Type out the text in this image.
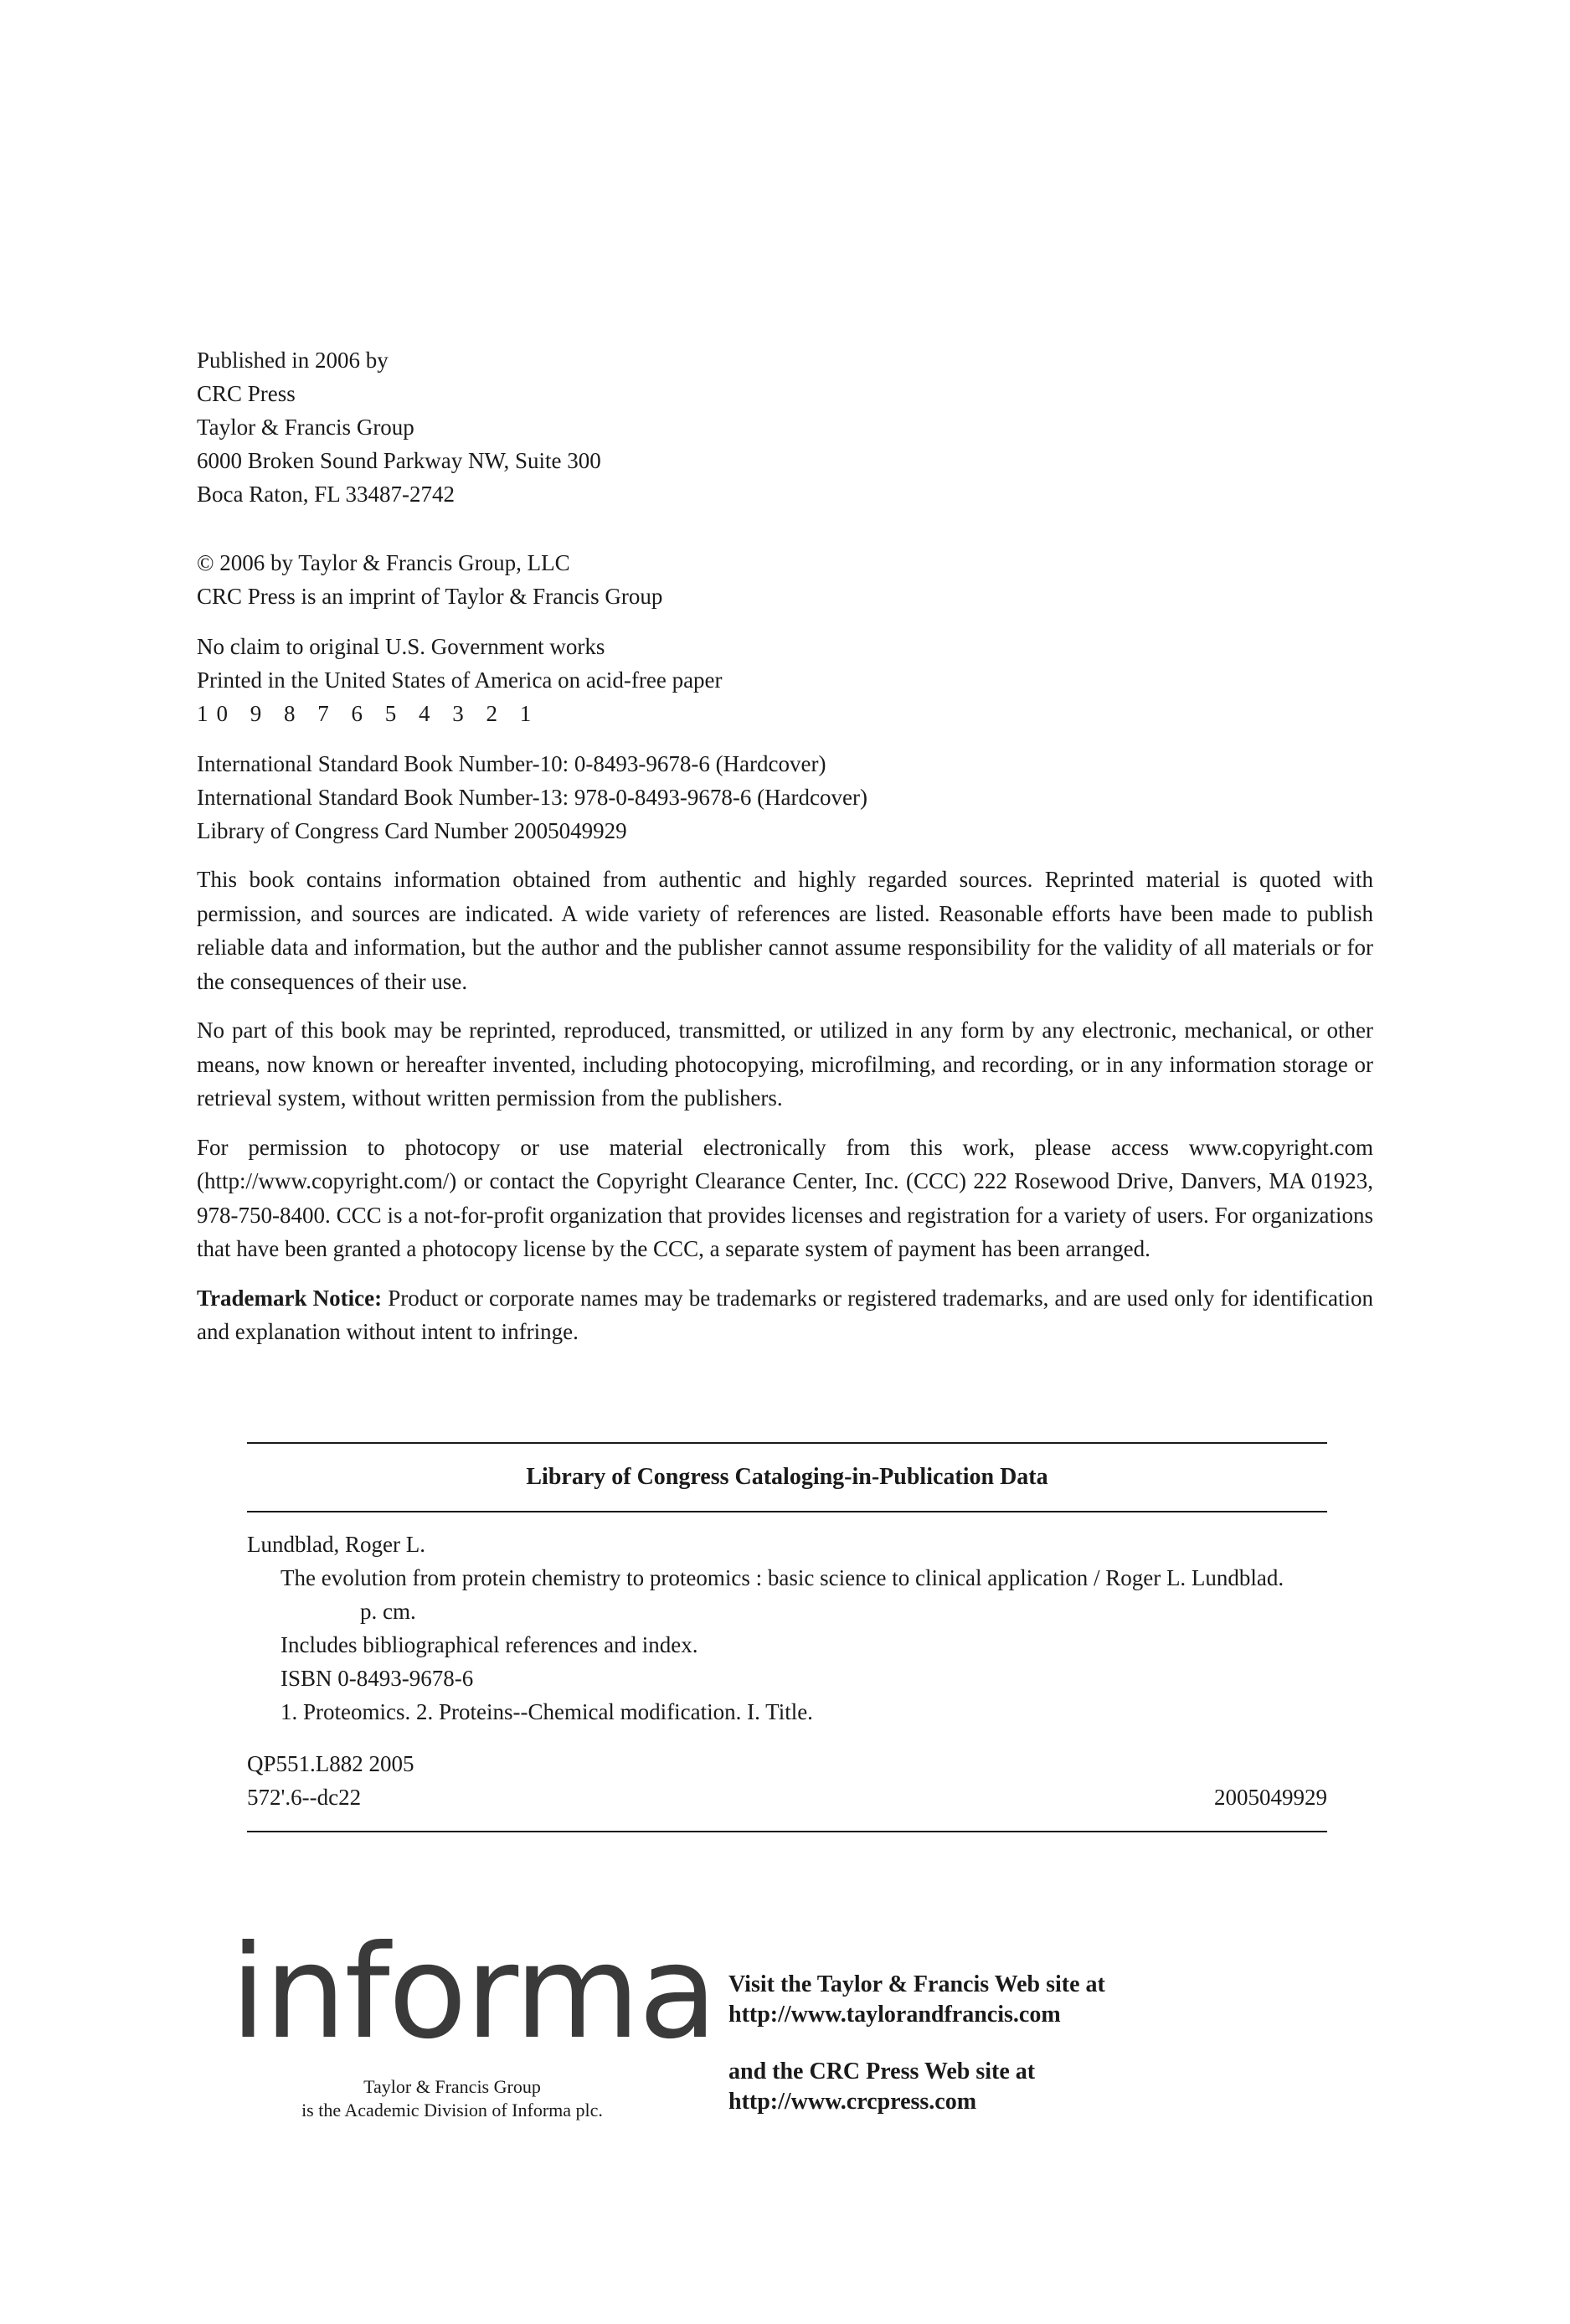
Published in 2006 by
CRC Press
Taylor & Francis Group
6000 Broken Sound Parkway NW, Suite 300
Boca Raton, FL 33487-2742
© 2006 by Taylor & Francis Group, LLC
CRC Press is an imprint of Taylor & Francis Group
No claim to original U.S. Government works
Printed in the United States of America on acid-free paper
10 9 8 7 6 5 4 3 2 1
International Standard Book Number-10: 0-8493-9678-6 (Hardcover)
International Standard Book Number-13: 978-0-8493-9678-6 (Hardcover)
Library of Congress Card Number 2005049929

This book contains information obtained from authentic and highly regarded sources. Reprinted material is quoted with permission, and sources are indicated. A wide variety of references are listed. Reasonable efforts have been made to publish reliable data and information, but the author and the publisher cannot assume responsibility for the validity of all materials or for the consequences of their use.

No part of this book may be reprinted, reproduced, transmitted, or utilized in any form by any electronic, mechanical, or other means, now known or hereafter invented, including photocopying, microfilming, and recording, or in any information storage or retrieval system, without written permission from the publishers.

For permission to photocopy or use material electronically from this work, please access www.copyright.com (http://www.copyright.com/) or contact the Copyright Clearance Center, Inc. (CCC) 222 Rosewood Drive, Danvers, MA 01923, 978-750-8400. CCC is a not-for-profit organization that provides licenses and registration for a variety of users. For organizations that have been granted a photocopy license by the CCC, a separate system of payment has been arranged.

Trademark Notice: Product or corporate names may be trademarks or registered trademarks, and are used only for identification and explanation without intent to infringe.

Library of Congress Cataloging-in-Publication Data
Lundblad, Roger L.
The evolution from protein chemistry to proteomics : basic science to clinical application / Roger L. Lundblad.
p. cm.
Includes bibliographical references and index.
ISBN 0-8493-9678-6
1. Proteomics. 2. Proteins--Chemical modification. I. Title.
QP551.L882 2005
572'.6--dc22	2005049929
informa
Taylor & Francis Group
is the Academic Division of Informa plc.
Visit the Taylor & Francis Web site at
http://www.taylorandfrancis.com
and the CRC Press Web site at
http://www.crcpress.com
